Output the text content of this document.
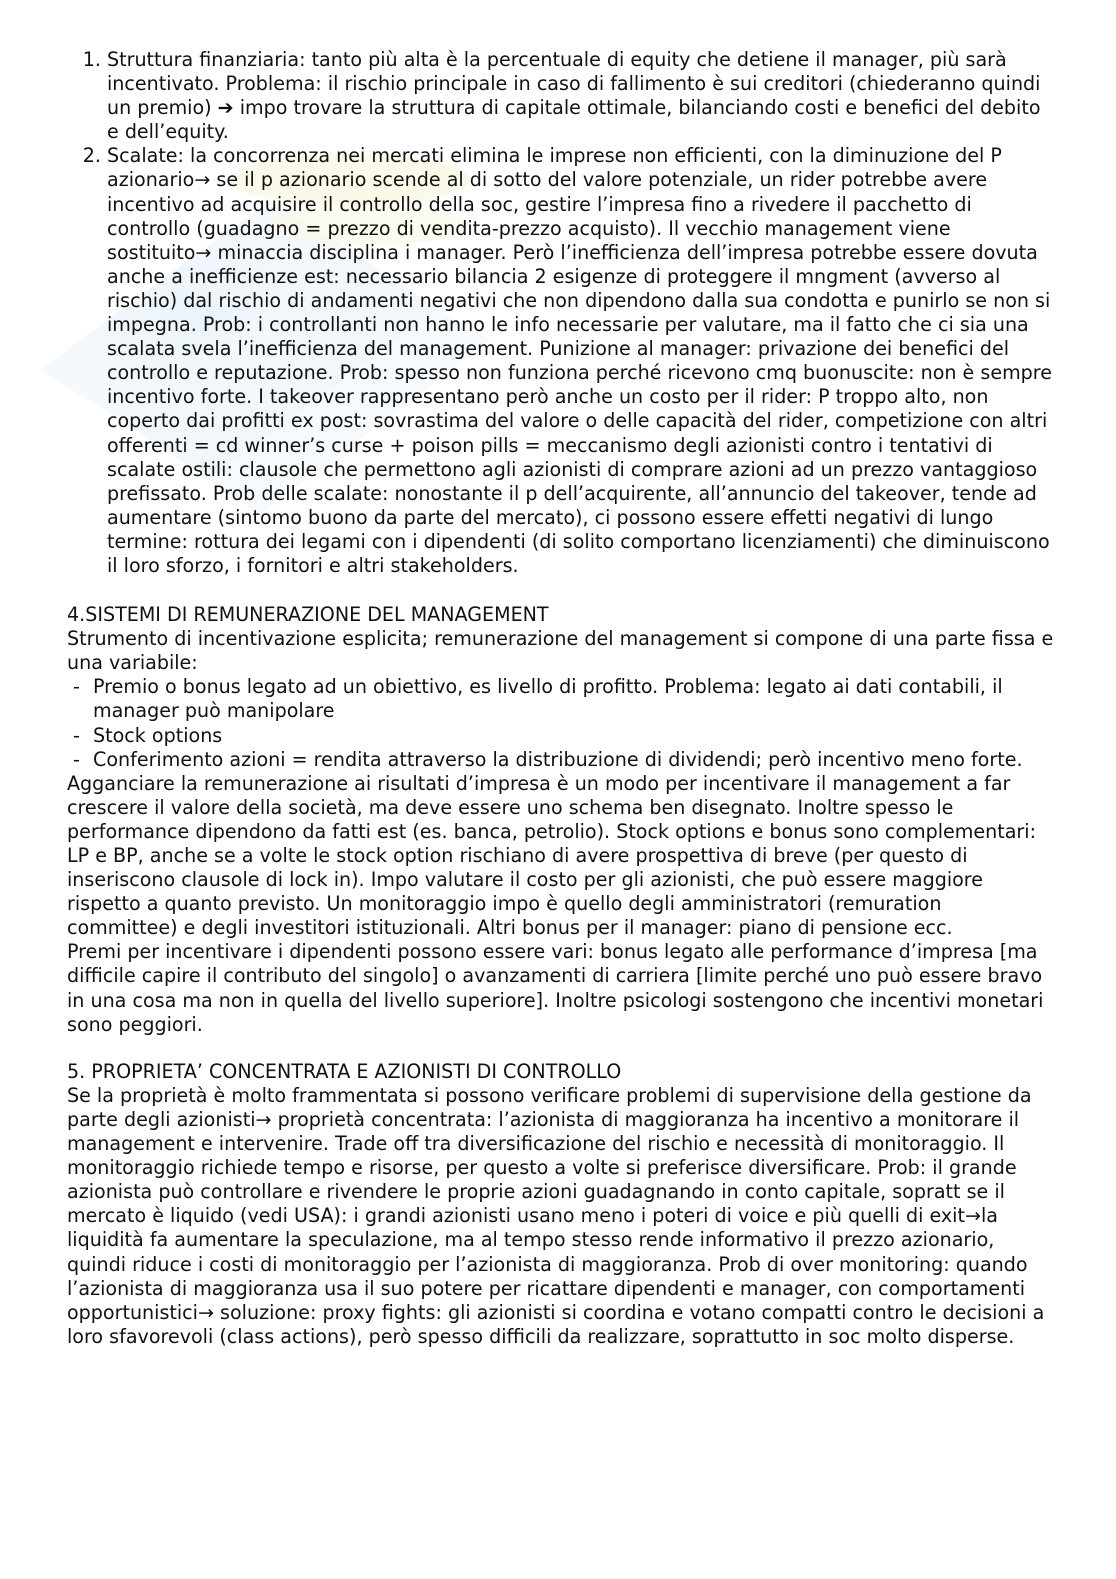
1. Struttura finanziaria: tanto più alta è la percentuale di equity che detiene il manager, più sarà incentivato. Problema: il rischio principale in caso di fallimento è sui creditori (chiederanno quindi un premio) ➔ impo trovare la struttura di capitale ottimale, bilanciando costi e benefici del debito e dell’equity.
2. Scalate: la concorrenza nei mercati elimina le imprese non efficienti, con la diminuzione del P azionario→ se il p azionario scende al di sotto del valore potenziale, un rider potrebbe avere incentivo ad acquisire il controllo della soc, gestire l’impresa fino a rivedere il pacchetto di controllo (guadagno = prezzo di vendita-prezzo acquisto). Il vecchio management viene sostituito→ minaccia disciplina i manager. Però l’inefficienza dell’impresa potrebbe essere dovuta anche a inefficienze est: necessario bilancia 2 esigenze di proteggere il mngment (avverso al rischio) dal rischio di andamenti negativi che non dipendono dalla sua condotta e punirlo se non si impegna. Prob: i controllanti non hanno le info necessarie per valutare, ma il fatto che ci sia una scalata svela l’inefficienza del management. Punizione al manager: privazione dei benefici del controllo e reputazione. Prob: spesso non funziona perché ricevono cmq buonuscite: non è sempre incentivo forte. I takeover rappresentano però anche un costo per il rider: P troppo alto, non coperto dai profitti ex post: sovrastima del valore o delle capacità del rider, competizione con altri offerenti = cd winner’s curse + poison pills = meccanismo degli azionisti contro i tentativi di scalate ostili: clausole che permettono agli azionisti di comprare azioni ad un prezzo vantaggioso prefissato. Prob delle scalate: nonostante il p dell’acquirente, all’annuncio del takeover, tende ad aumentare (sintomo buono da parte del mercato), ci possono essere effetti negativi di lungo termine: rottura dei legami con i dipendenti (di solito comportano licenziamenti) che diminuiscono il loro sforzo, i fornitori e altri stakeholders.
4.SISTEMI DI REMUNERAZIONE DEL MANAGEMENT

Strumento di incentivazione esplicita; remunerazione del management si compone di una parte fissa e una variabile:

- Premio o bonus legato ad un obiettivo, es livello di profitto. Problema: legato ai dati contabili, il manager può manipolare
- Stock options
- Conferimento azioni = rendita attraverso la distribuzione di dividendi; però incentivo meno forte.

Agganciare la remunerazione ai risultati d’impresa è un modo per incentivare il management a far crescere il valore della società, ma deve essere uno schema ben disegnato. Inoltre spesso le performance dipendono da fatti est (es. banca, petrolio). Stock options e bonus sono complementari: LP e BP, anche se a volte le stock option rischiano di avere prospettiva di breve (per questo di inseriscono clausole di lock in). Impo valutare il costo per gli azionisti, che può essere maggiore rispetto a quanto previsto. Un monitoraggio impo è quello degli amministratori (remuration committee) e degli investitori istituzionali. Altri bonus per il manager: piano di pensione ecc.

Premi per incentivare i dipendenti possono essere vari: bonus legato alle performance d’impresa [ma difficile capire il contributo del singolo] o avanzamenti di carriera [limite perché uno può essere bravo in una cosa ma non in quella del livello superiore]. Inoltre psicologi sostengono che incentivi monetari sono peggiori.

5. PROPRIETA’ CONCENTRATA E AZIONISTI DI CONTROLLO

Se la proprietà è molto frammentata si possono verificare problemi di supervisione della gestione da parte degli azionisti→ proprietà concentrata: l’azionista di maggioranza ha incentivo a monitorare il management e intervenire. Trade off tra diversificazione del rischio e necessità di monitoraggio. Il monitoraggio richiede tempo e risorse, per questo a volte si preferisce diversificare. Prob: il grande azionista può controllare e rivendere le proprie azioni guadagnando in conto capitale, sopratt se il mercato è liquido (vedi USA): i grandi azionisti usano meno i poteri di voice e più quelli di exit→la liquidità fa aumentare la speculazione, ma al tempo stesso rende informativo il prezzo azionario, quindi riduce i costi di monitoraggio per l’azionista di maggioranza. Prob di over monitoring: quando l’azionista di maggioranza usa il suo potere per ricattare dipendenti e manager, con comportamenti opportunistici→ soluzione: proxy fights: gli azionisti si coordina e votano compatti contro le decisioni a loro sfavorevoli (class actions), però spesso difficili da realizzare, soprattutto in soc molto disperse.
